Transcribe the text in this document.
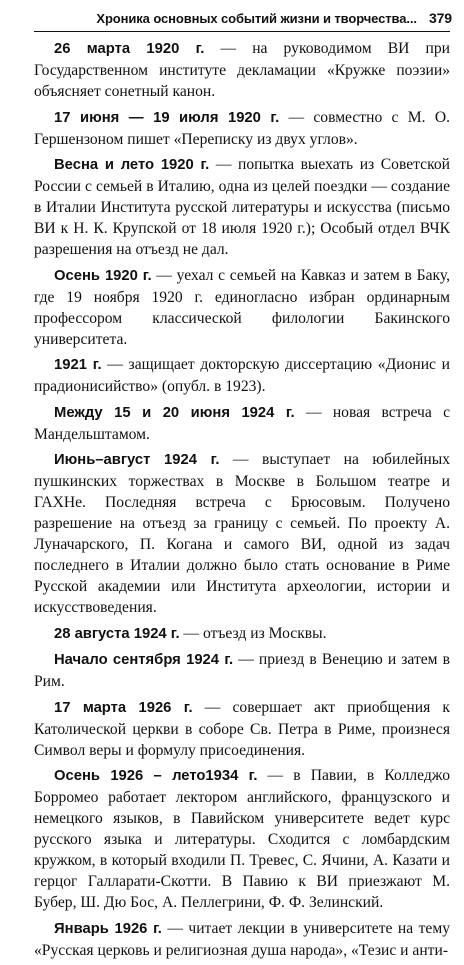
Хроника основных событий жизни и творчества... 379

26 марта 1920 г. — на руководимом ВИ при Государственном институте декламации «Кружке поэзии» объясняет сонетный канон.

17 июня — 19 июля 1920 г. — совместно с М. О. Гершензоном пишет «Переписку из двух углов».

Весна и лето 1920 г. — попытка выехать из Советской России с семьей в Италию, одна из целей поездки — создание в Италии Института русской литературы и искусства (письмо ВИ к Н. К. Крупской от 18 июля 1920 г.); Особый отдел ВЧК разрешения на отъезд не дал.

Осень 1920 г. — уехал с семьей на Кавказ и затем в Баку, где 19 ноября 1920 г. единогласно избран ординарным профессором классической филологии Бакинского университета.

1921 г. — защищает докторскую диссертацию «Дионис и прадионисийство» (опубл. в 1923).

Между 15 и 20 июня 1924 г. — новая встреча с Мандельштамом.

Июнь–август 1924 г. — выступает на юбилейных пушкинских торжествах в Москве в Большом театре и ГАХНе. Последняя встреча с Брюсовым. Получено разрешение на отъезд за границу с семьей. По проекту А. Луначарского, П. Когана и самого ВИ, одной из задач последнего в Италии должно было стать основание в Риме Русской академии или Института археологии, истории и искусствоведения.

28 августа 1924 г. — отъезд из Москвы.

Начало сентября 1924 г. — приезд в Венецию и затем в Рим.

17 марта 1926 г. — совершает акт приобщения к Католической церкви в соборе Св. Петра в Риме, произнеся Символ веры и формулу присоединения.

Осень 1926 – лето1934 г. — в Павии, в Колледжо Борромео работает лектором английского, французского и немецкого языков, в Павийском университете ведет курс русского языка и литературы. Сходится с ломбардским кружком, в который входили П. Тревес, С. Ячини, А. Казати и герцог Галларати-Скотти. В Павию к ВИ приезжают М. Бубер, Ш. Дю Бос, А. Пеллегрини, Ф. Ф. Зелинский.

Январь 1926 г. — читает лекции в университете на тему «Русская церковь и религиозная душа народа», «Тезис и анти-
